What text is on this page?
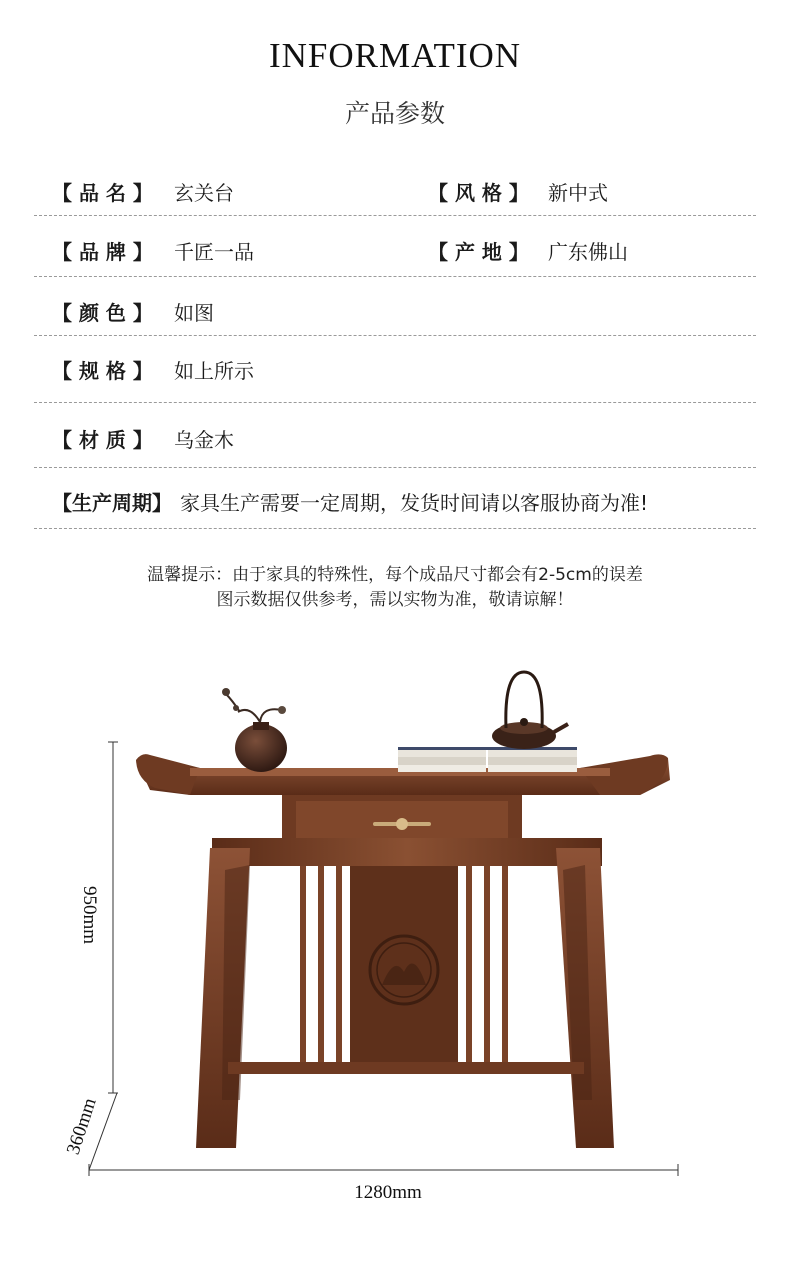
INFORMATION
产品参数
【 品 名 】 玄关台	【 风 格 】 新中式
【 品 牌 】 千匠一品	【 产 地 】 广东佛山
【 颜 色 】 如图
【 规 格 】 如上所示
【 材 质 】 乌金木
【生产周期】 家具生产需要一定周期，发货时间请以客服协商为准!
温馨提示：由于家具的特殊性，每个成品尺寸都会有2-5cm的误差
图示数据仅供参考，需以实物为准，敬请谅解！
950mm
360mm
1280mm
